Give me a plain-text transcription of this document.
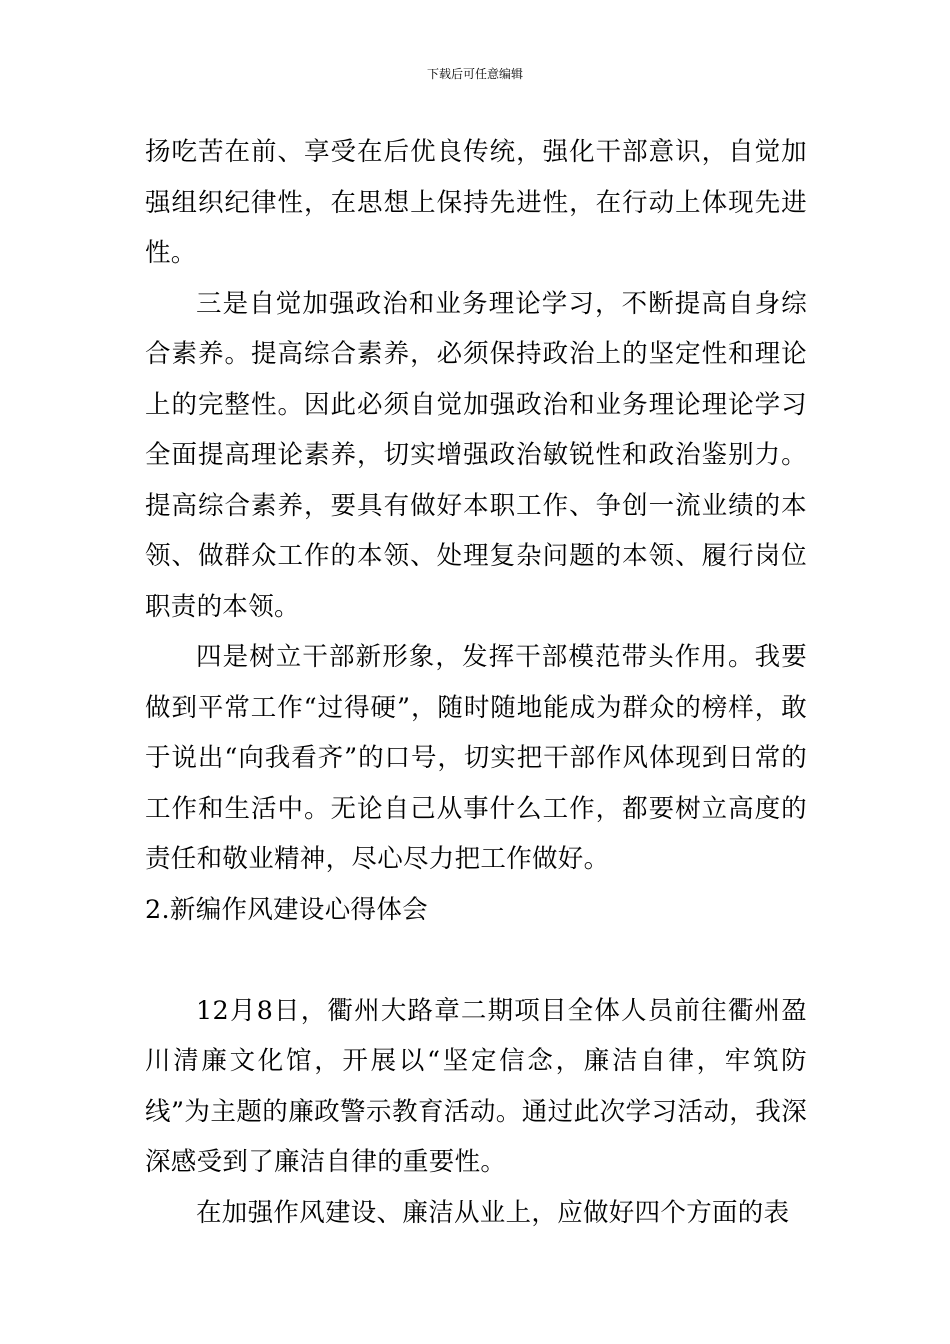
下载后可任意编辑

扬吃苦在前、享受在后优良传统，强化干部意识，自觉加强组织纪律性，在思想上保持先进性，在行动上体现先进性。

三是自觉加强政治和业务理论学习，不断提高自身综合素养。提高综合素养，必须保持政治上的坚定性和理论上的完整性。因此必须自觉加强政治和业务理论理论学习全面提高理论素养，切实增强政治敏锐性和政治鉴别力。提高综合素养，要具有做好本职工作、争创一流业绩的本领、做群众工作的本领、处理复杂问题的本领、履行岗位职责的本领。

四是树立干部新形象，发挥干部模范带头作用。我要做到平常工作“过得硬”，随时随地能成为群众的榜样，敢于说出“向我看齐”的口号，切实把干部作风体现到日常的工作和生活中。无论自己从事什么工作，都要树立高度的责任和敬业精神，尽心尽力把工作做好。

2.新编作风建设心得体会

12月8日，衢州大路章二期项目全体人员前往衢州盈川清廉文化馆，开展以“坚定信念，廉洁自律，牢筑防线”为主题的廉政警示教育活动。通过此次学习活动，我深深感受到了廉洁自律的重要性。

在加强作风建设、廉洁从业上，应做好四个方面的表
